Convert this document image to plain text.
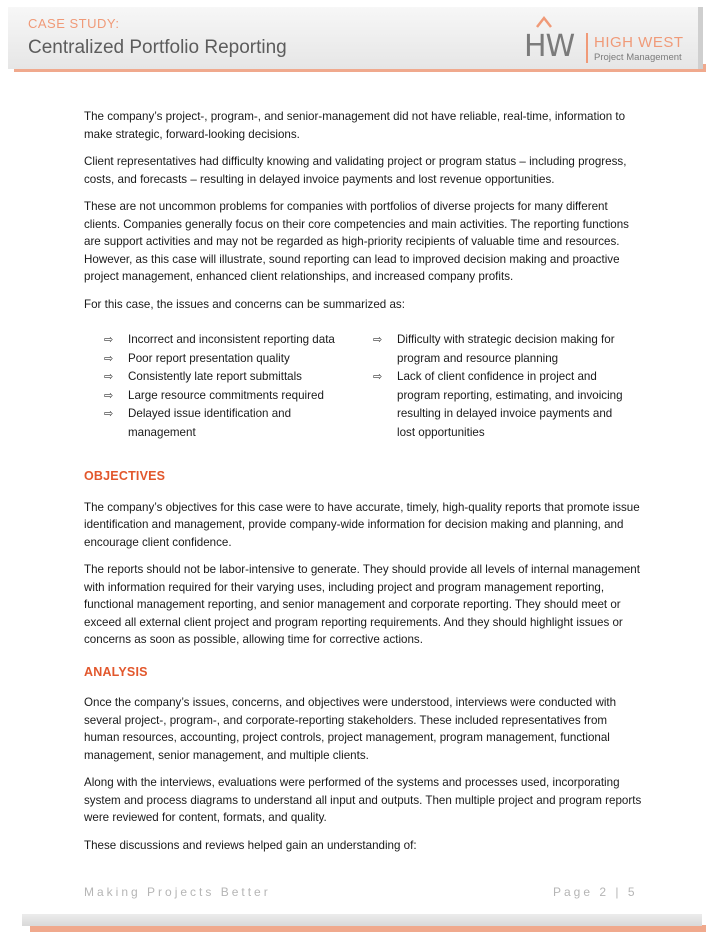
CASE STUDY:
Centralized Portfolio Reporting	HW HIGH WEST
Project Management

The company’s project-, program-, and senior-management did not have reliable, real-time, information to make strategic, forward-looking decisions.

Client representatives had difficulty knowing and validating project or program status – including progress, costs, and forecasts – resulting in delayed invoice payments and lost revenue opportunities.

These are not uncommon problems for companies with portfolios of diverse projects for many different clients. Companies generally focus on their core competencies and main activities. The reporting functions are support activities and may not be regarded as high-priority recipients of valuable time and resources. However, as this case will illustrate, sound reporting can lead to improved decision making and proactive project management, enhanced client relationships, and increased company profits.

For this case, the issues and concerns can be summarized as:

⇨ Incorrect and inconsistent reporting data
⇨ Poor report presentation quality
⇨ Consistently late report submittals
⇨ Large resource commitments required
⇨ Delayed issue identification and management
⇨ Difficulty with strategic decision making for program and resource planning
⇨ Lack of client confidence in project and program reporting, estimating, and invoicing resulting in delayed invoice payments and lost opportunities
OBJECTIVES

The company’s objectives for this case were to have accurate, timely, high-quality reports that promote issue identification and management, provide company-wide information for decision making and planning, and encourage client confidence.

The reports should not be labor-intensive to generate. They should provide all levels of internal management with information required for their varying uses, including project and program management reporting, functional management reporting, and senior management and corporate reporting. They should meet or exceed all external client project and program reporting requirements. And they should highlight issues or concerns as soon as possible, allowing time for corrective actions.

ANALYSIS

Once the company’s issues, concerns, and objectives were understood, interviews were conducted with several project-, program-, and corporate-reporting stakeholders. These included representatives from human resources, accounting, project controls, project management, program management, functional management, senior management, and multiple clients.

Along with the interviews, evaluations were performed of the systems and processes used, incorporating system and process diagrams to understand all input and outputs. Then multiple project and program reports were reviewed for content, formats, and quality.

These discussions and reviews helped gain an understanding of:

Making Projects Better	Page 2 | 5
